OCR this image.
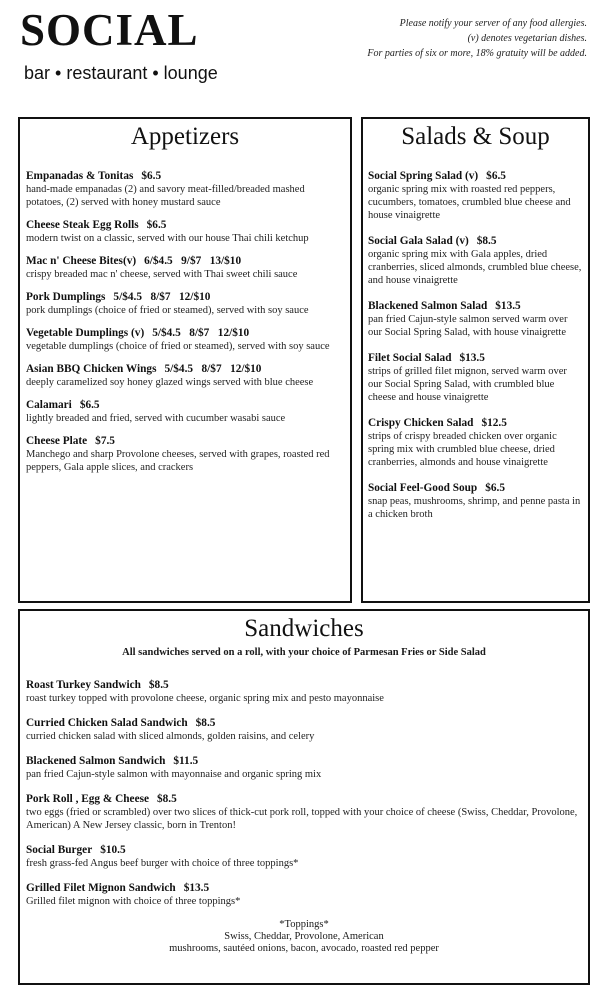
SOCIAL
bar • restaurant • lounge
Please notify your server of any food allergies.
(v) denotes vegetarian dishes.
For parties of six or more, 18% gratuity will be added.
Appetizers
Empanadas & Tonitas $6.5
hand-made empanadas (2) and savory meat-filled/breaded mashed potatoes, (2) served with honey mustard sauce
Cheese Steak Egg Rolls $6.5
modern twist on a classic, served with our house Thai chili ketchup
Mac n' Cheese Bites(v) 6/$4.5   9/$7   13/$10
crispy breaded mac n' cheese, served with Thai sweet chili sauce
Pork Dumplings 5/$4.5   8/$7   12/$10
pork dumplings (choice of fried or steamed), served with soy sauce
Vegetable Dumplings (v) 5/$4.5   8/$7   12/$10
vegetable dumplings (choice of fried or steamed), served with soy sauce
Asian BBQ Chicken Wings 5/$4.5   8/$7   12/$10
deeply caramelized soy honey glazed wings served with blue cheese
Calamari $6.5
lightly breaded and fried, served with cucumber wasabi sauce
Cheese Plate $7.5
Manchego and sharp Provolone cheeses, served with grapes, roasted red peppers, Gala apple slices, and crackers
Salads & Soup
Social Spring Salad (v) $6.5
organic spring mix with roasted red peppers, cucumbers, tomatoes, crumbled blue cheese and house vinaigrette
Social Gala Salad (v) $8.5
organic spring mix with Gala apples, dried cranberries, sliced almonds, crumbled blue cheese, and house vinaigrette
Blackened Salmon Salad $13.5
pan fried Cajun-style salmon served warm over our Social Spring Salad, with house vinaigrette
Filet Social Salad $13.5
strips of grilled filet mignon, served warm over our Social Spring Salad, with crumbled blue cheese and house vinaigrette
Crispy Chicken Salad $12.5
strips of crispy breaded chicken over organic spring mix with crumbled blue cheese, dried cranberries, almonds and house vinaigrette
Social Feel-Good Soup $6.5
snap peas, mushrooms, shrimp, and penne pasta in a chicken broth
Sandwiches
All sandwiches served on a roll, with your choice of Parmesan Fries or Side Salad
Roast Turkey Sandwich $8.5
roast turkey topped with provolone cheese, organic spring mix and pesto mayonnaise
Curried Chicken Salad Sandwich $8.5
curried chicken salad with sliced almonds, golden raisins, and celery
Blackened Salmon Sandwich $11.5
pan fried Cajun-style salmon with mayonnaise and organic spring mix
Pork Roll , Egg & Cheese $8.5
two eggs (fried or scrambled) over two slices of thick-cut pork roll, topped with your choice of cheese (Swiss, Cheddar, Provolone, American) A New Jersey classic, born in Trenton!
Social Burger $10.5
fresh grass-fed Angus beef burger with choice of three toppings*
Grilled Filet Mignon Sandwich $13.5
Grilled filet mignon with choice of three toppings*
*Toppings*
Swiss, Cheddar, Provolone, American
mushrooms, sautéed onions, bacon, avocado, roasted red pepper
